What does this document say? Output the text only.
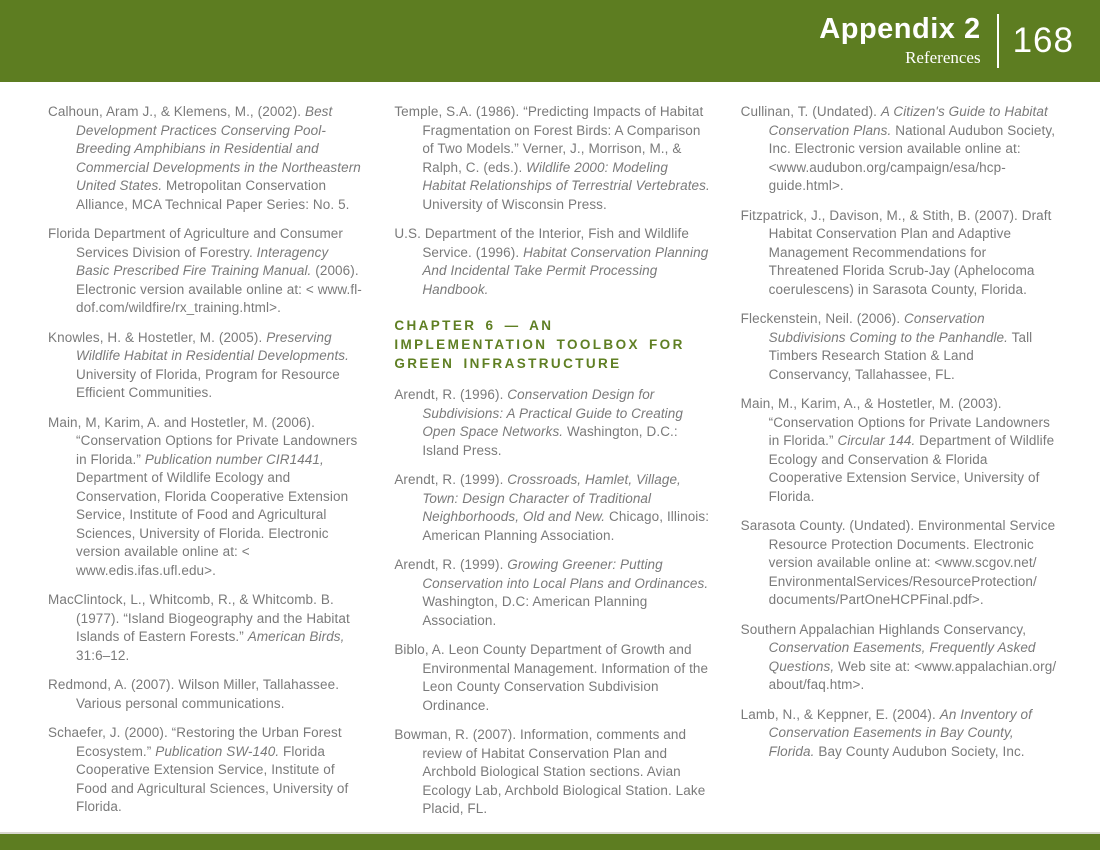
Appendix 2
References 168

Calhoun, Aram J., & Klemens, M., (2002). Best Development Practices Conserving Pool-Breeding Amphibians in Residential and Commercial Developments in the Northeastern United States. Metropolitan Conservation Alliance, MCA Technical Paper Series: No. 5.

Florida Department of Agriculture and Consumer Services Division of Forestry. Interagency Basic Prescribed Fire Training Manual. (2006). Electronic version available online at: < www.fl-dof.com/wildfire/rx_training.html>.

Knowles, H. & Hostetler, M. (2005). Preserving Wildlife Habitat in Residential Developments. University of Florida, Program for Resource Efficient Communities.

Main, M, Karim, A. and Hostetler, M. (2006). “Conservation Options for Private Landowners in Florida.” Publication number CIR1441, Department of Wildlife Ecology and Conservation, Florida Cooperative Extension Service, Institute of Food and Agricultural Sciences, University of Florida. Electronic version available online at: < www.edis.ifas.ufl.edu>.

MacClintock, L., Whitcomb, R., & Whitcomb. B. (1977). “Island Biogeography and the Habitat Islands of Eastern Forests.” American Birds, 31:6–12.

Redmond, A. (2007). Wilson Miller, Tallahassee. Various personal communications.

Schaefer, J. (2000). “Restoring the Urban Forest Ecosystem.” Publication SW-140. Florida Cooperative Extension Service, Institute of Food and Agricultural Sciences, University of Florida.

Temple, S.A. (1986). “Predicting Impacts of Habitat Fragmentation on Forest Birds: A Comparison of Two Models.” Verner, J., Morrison, M., & Ralph, C. (eds.). Wildlife 2000: Modeling Habitat Relationships of Terrestrial Vertebrates. University of Wisconsin Press.

U.S. Department of the Interior, Fish and Wildlife Service. (1996). Habitat Conservation Planning And Incidental Take Permit Processing Handbook.

CHAPTER 6 — AN IMPLEMENTATION TOOLBOX FOR GREEN INFRASTRUCTURE

Arendt, R. (1996). Conservation Design for Subdivisions: A Practical Guide to Creating Open Space Networks. Washington, D.C.: Island Press.

Arendt, R. (1999). Crossroads, Hamlet, Village, Town: Design Character of Traditional Neighborhoods, Old and New. Chicago, Illinois: American Planning Association.

Arendt, R. (1999). Growing Greener: Putting Conservation into Local Plans and Ordinances. Washington, D.C: American Planning Association.

Biblo, A. Leon County Department of Growth and Environmental Management. Information of the Leon County Conservation Subdivision Ordinance.

Bowman, R. (2007). Information, comments and review of Habitat Conservation Plan and Archbold Biological Station sections. Avian Ecology Lab, Archbold Biological Station. Lake Placid, FL.

Cullinan, T. (Undated). A Citizen's Guide to Habitat Conservation Plans. National Audubon Society, Inc. Electronic version available online at: <www.audubon.org/campaign/esa/hcp-guide.html>.

Fitzpatrick, J., Davison, M., & Stith, B. (2007). Draft Habitat Conservation Plan and Adaptive Management Recommendations for Threatened Florida Scrub-Jay (Aphelocoma coerulescens) in Sarasota County, Florida.

Fleckenstein, Neil. (2006). Conservation Subdivisions Coming to the Panhandle. Tall Timbers Research Station & Land Conservancy, Tallahassee, FL.

Main, M., Karim, A., & Hostetler, M. (2003). “Conservation Options for Private Landowners in Florida.” Circular 144. Department of Wildlife Ecology and Conservation & Florida Cooperative Extension Service, University of Florida.

Sarasota County. (Undated). Environmental Service Resource Protection Documents. Electronic version available online at: <www.scgov.net/ EnvironmentalServices/ResourceProtection/ documents/PartOneHCPFinal.pdf>.

Southern Appalachian Highlands Conservancy, Conservation Easements, Frequently Asked Questions, Web site at: <www.appalachian.org/ about/faq.htm>.

Lamb, N., & Keppner, E. (2004). An Inventory of Conservation Easements in Bay County, Florida. Bay County Audubon Society, Inc.
